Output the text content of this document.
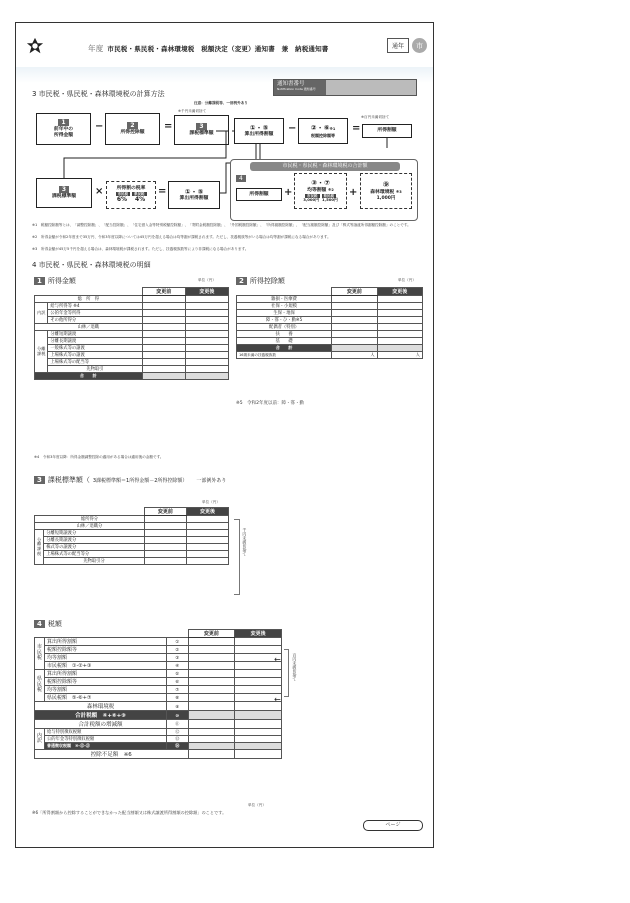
年度 市民税・県民税・森林環境税　税額決定（変更）通知書　兼　納税通知書	通年	市
通知書番号
Notification Code 通知番号
3 市民税・県民税・森林環境税の計算方法
注意：分離課税等、一部例外あり
1
前年中の
所得金額
−	2
所得控除額
=
※千円未満切捨て
3
課税標準額
①・⑤
算出所得割額
− ②・⑥※1
税額控除額等
=
※百円未満切捨て
所得割額
3
課税標準額 ×	所得割の税率
市民税	県民税
6% 4%
=	①・⑤
算出所得割額
市民税・県民税・森林環境税の合計額
4
所得割額 +
③・⑦
均等割額 ※2
市民税	県民税
3,000円 1,500円
+
⑨
森林環境税 ※3
1,000円
※1　税額控除額等とは、「調整控除額」、「配当控除額」、「住宅借入金等特別税額控除額」、「寄附金税額控除額」、「外国税額控除額」、「所得割額控除額」、「配当割額控除額」及び「株式等譲渡所得割額控除額」のことです。
※2　所得金額が令和2年度まで35万円、令和3年度以降については45万円を超える場合は均等割が課税されます。ただし、扶養親族等がいる場合は均等割が課税になる場合があります。
※3　所得金額が45万5千円を超える場合は、森林環境税が課税されます。ただし、扶養親族数等により非課税になる場合があります。
4 市民税・県民税・森林環境税の明細
1 所得金額	単位（円）
		変更前	変更後
総　所　得			
内訳	給与所得等 ※4		
	公的年金等所得		
	その他所得分		
山林／退職			
分離課税	分離短期譲渡		
	分離長期譲渡		
	一般株式等の譲渡		
	上場株式等の譲渡		
	上場株式等の配当等		
	先物取引		
合　　計			
※4　令和3年度以降：所得金額調整控除の適用がある場合は適用後の金額です。
2 所得控除額	単位（円）
	変更前	変更後
雑損・医療費		
社保・小規模		
生保・地保		
障・寡・ひ・勤※5		
配偶者（特別）		
扶　　養		
基　　礎		
合　　計		
16歳未満の扶養親族数	人	人
※5　令和2年度以前：障・寡・勤
3 課税標準額（ 3課税標準額＝1所得金額－2所得控除額） 一部例外あり
単位（円）
		変更前	変更後
総所得分			
山林／退職分			
分離課税	分離短期譲渡分		
	分離長期譲渡分		
	株式等の譲渡分		
	上場株式等の配当等分		
	先物取引分		
千円未満切捨て
4 税額
			変更前	変更後
市民税	算出所得割額	①		
	税額控除額等	②		
	均等割額	③		
	市民税額　①-②+③	④		
県民税	算出所得割額	⑤		
	税額控除額等	⑥		
	均等割額	⑦		
	県民税額　⑤-⑥+⑦	⑧		
森林環境税		⑨		
合計税額　④+⑧+⑨		⑩		
合計税額の増減額		⑪		
内訳	給与特別徴収税額	⑫		
	公的年金等特別徴収税額	⑬		
	普通徴収税額　⑩-⑫-⑬	⑭		
控除不足額　※6				
単位（円）
←
←
百円未満切捨て
※6「所得割額から控除することができなかった配当割額又は株式譲渡所得割額の控除額」のことです。
ページ
